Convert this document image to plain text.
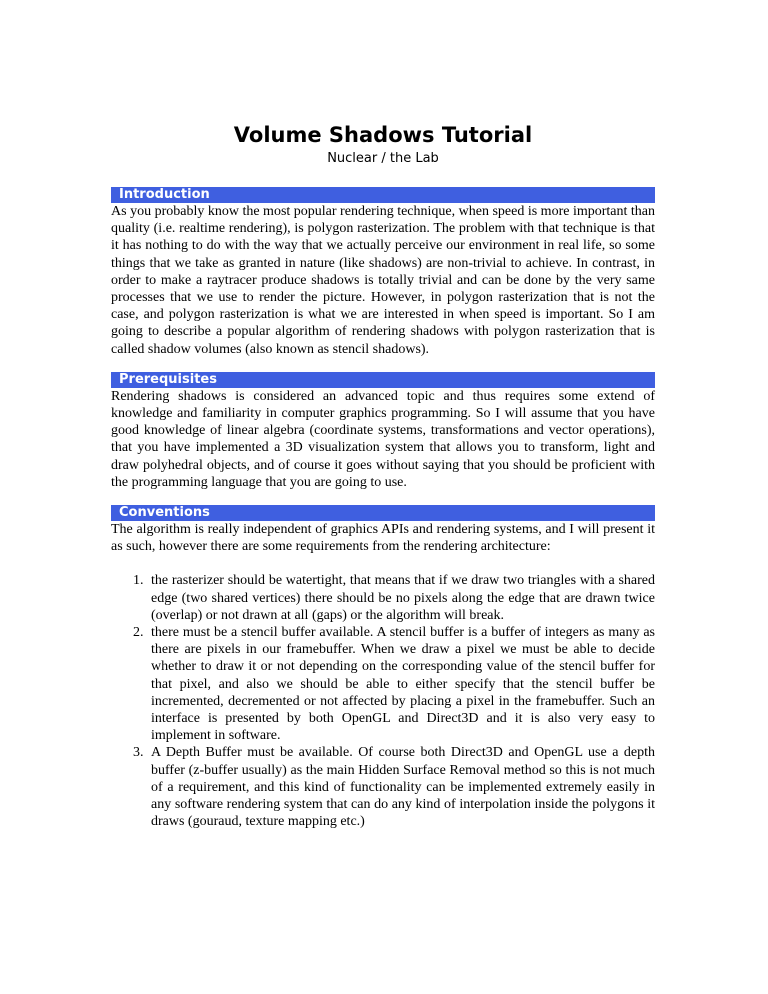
Volume Shadows Tutorial
Nuclear / the Lab
Introduction

As you probably know the most popular rendering technique, when speed is more important than quality (i.e. realtime rendering), is polygon rasterization. The problem with that technique is that it has nothing to do with the way that we actually perceive our environment in real life, so some things that we take as granted in nature (like shadows) are non-trivial to achieve. In contrast, in order to make a raytracer produce shadows is totally trivial and can be done by the very same processes that we use to render the picture. However, in polygon rasterization that is not the case, and polygon rasterization is what we are interested in when speed is important. So I am going to describe a popular algorithm of rendering shadows with polygon rasterization that is called shadow volumes (also known as stencil shadows).

Prerequisites

Rendering shadows is considered an advanced topic and thus requires some extend of knowledge and familiarity in computer graphics programming. So I will assume that you have good knowledge of linear algebra (coordinate systems, transformations and vector operations), that you have implemented a 3D visualization system that allows you to transform, light and draw polyhedral objects, and of course it goes without saying that you should be proficient with the programming language that you are going to use.

Conventions

The algorithm is really independent of graphics APIs and rendering systems, and I will present it as such, however there are some requirements from the rendering architecture:

1. the rasterizer should be watertight, that means that if we draw two triangles with a shared edge (two shared vertices) there should be no pixels along the edge that are drawn twice (overlap) or not drawn at all (gaps) or the algorithm will break.
2. there must be a stencil buffer available. A stencil buffer is a buffer of integers as many as there are pixels in our framebuffer. When we draw a pixel we must be able to decide whether to draw it or not depending on the corresponding value of the stencil buffer for that pixel, and also we should be able to either specify that the stencil buffer be incremented, decremented or not affected by placing a pixel in the framebuffer. Such an interface is presented by both OpenGL and Direct3D and it is also very easy to implement in software.
3. A Depth Buffer must be available. Of course both Direct3D and OpenGL use a depth buffer (z-buffer usually) as the main Hidden Surface Removal method so this is not much of a requirement, and this kind of functionality can be implemented extremely easily in any software rendering system that can do any kind of interpolation inside the polygons it draws (gouraud, texture mapping etc.)
